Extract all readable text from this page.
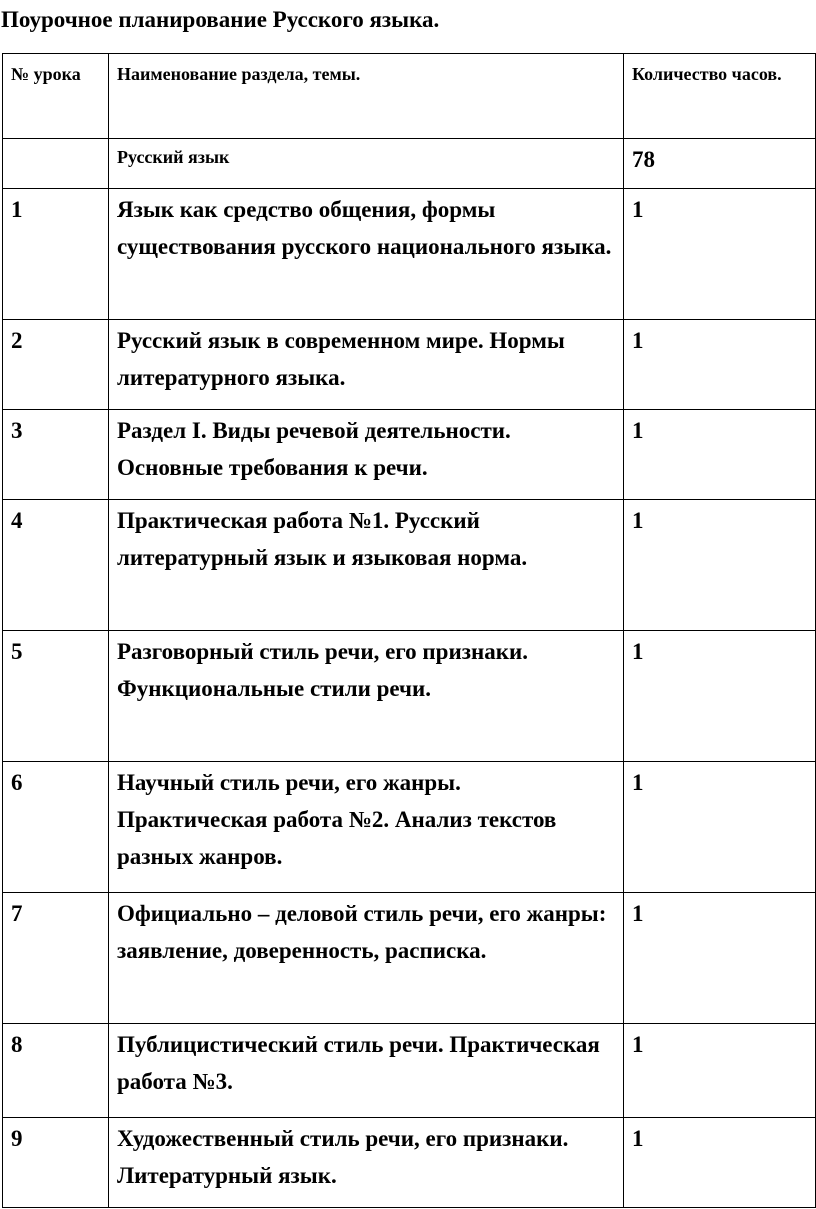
Поурочное планирование Русского языка.
№ урока	Наименование раздела, темы.	Количество часов.
	Русский язык	78
1	Язык как средство общения, формы существования русского национального языка.	1
2	Русский язык в современном мире. Нормы литературного языка.	1
3	Раздел I. Виды речевой деятельности. Основные требования к речи.	1
4	Практическая работа №1. Русский литературный язык и языковая норма.	1
5	Разговорный стиль речи, его признаки. Функциональные стили речи.	1
6	Научный стиль речи, его жанры. Практическая работа №2. Анализ текстов разных жанров.	1
7	Официально – деловой стиль речи, его жанры: заявление, доверенность, расписка.	1
8	Публицистический стиль речи. Практическая работа №3.	1
9	Художественный стиль речи, его признаки. Литературный язык.	1
